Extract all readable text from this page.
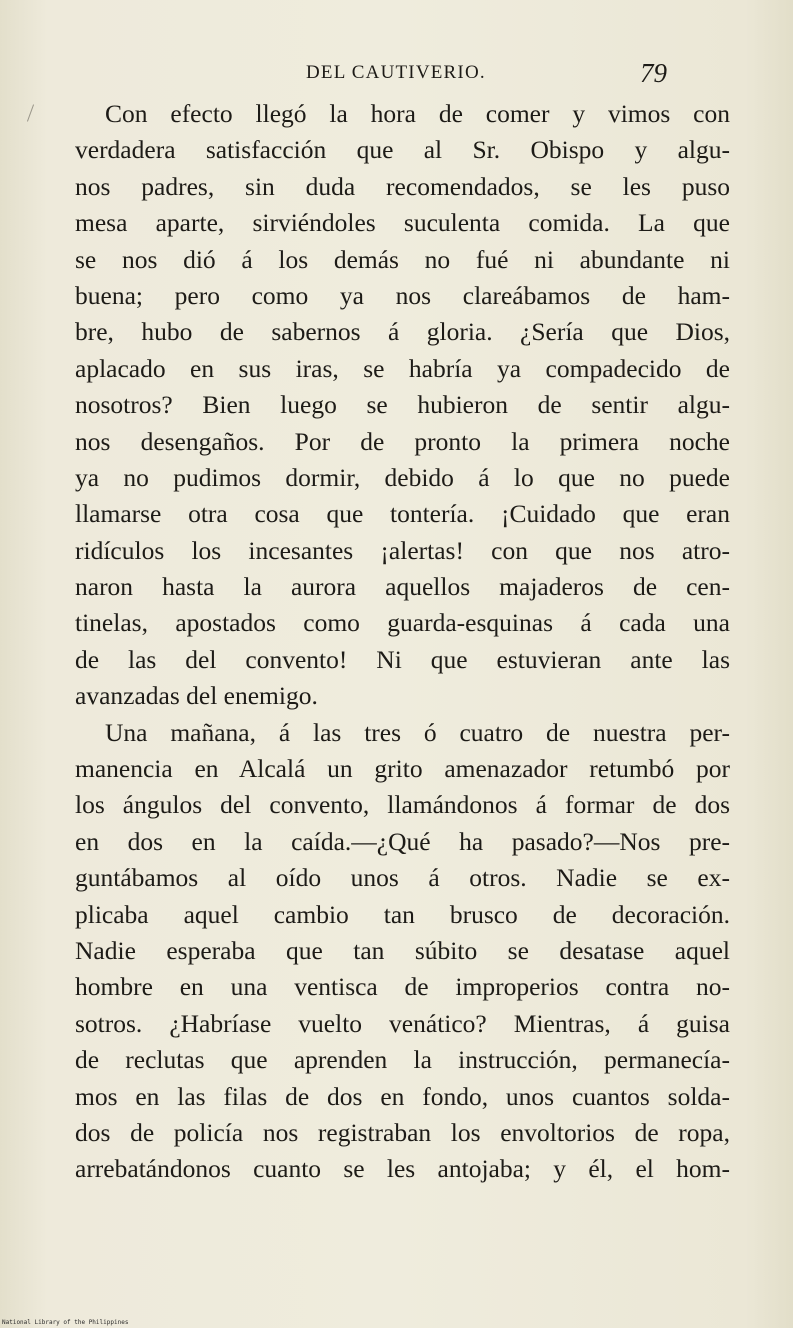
DEL CAUTIVERIO.	79
Con efecto llegó la hora de comer y vimos con
verdadera satisfacción que al Sr. Obispo y algu-
nos padres, sin duda recomendados, se les puso
mesa aparte, sirviéndoles suculenta comida. La que
se nos dió á los demás no fué ni abundante ni
buena; pero como ya nos clareábamos de ham-
bre, hubo de sabernos á gloria. ¿Sería que Dios,
aplacado en sus iras, se habría ya compadecido de
nosotros? Bien luego se hubieron de sentir algu-
nos desengaños. Por de pronto la primera noche
ya no pudimos dormir, debido á lo que no puede
llamarse otra cosa que tontería. ¡Cuidado que eran
ridículos los incesantes ¡alertas! con que nos atro-
naron hasta la aurora aquellos majaderos de cen-
tinelas, apostados como guarda-esquinas á cada una
de las del convento! Ni que estuvieran ante las
avanzadas del enemigo.
Una mañana, á las tres ó cuatro de nuestra per-
manencia en Alcalá un grito amenazador retumbó por
los ángulos del convento, llamándonos á formar de dos
en dos en la caída.—¿Qué ha pasado?—Nos pre-
guntábamos al oído unos á otros. Nadie se ex-
plicaba aquel cambio tan brusco de decoración.
Nadie esperaba que tan súbito se desatase aquel
hombre en una ventisca de improperios contra no-
sotros. ¿Habríase vuelto venático? Mientras, á guisa
de reclutas que aprenden la instrucción, permanecía-
mos en las filas de dos en fondo, unos cuantos solda-
dos de policía nos registraban los envoltorios de ropa,
arrebatándonos cuanto se les antojaba; y él, el hom-
National Library of the Philippines
